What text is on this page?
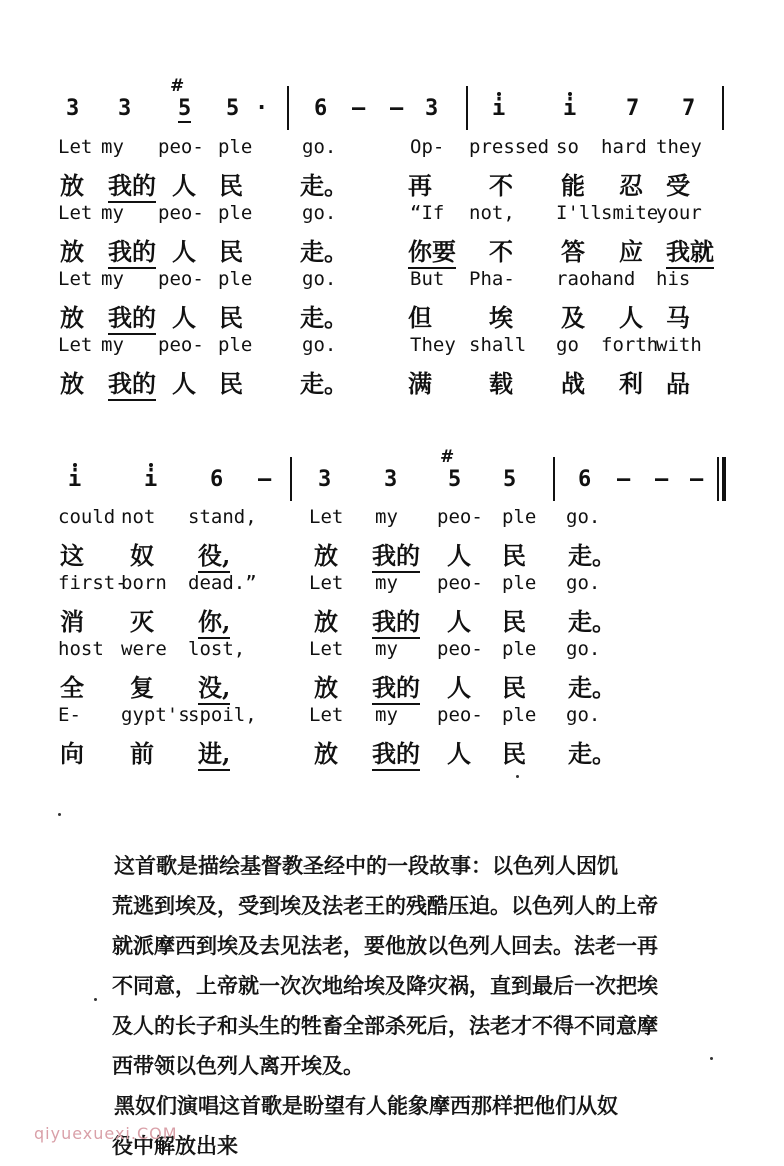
3 3 5
#
5 · 6 – – 3 i	i 7 7
Let my peo- ple	go.	Op- pressed so hard they
放 我的 人 民 走。	再 不 能 忍 受
Let my peo- ple	go.	“If not, I'll smite
your
放 我的 人 民 走。	你要 不 答 应 我就
Let my peo- ple	go.	But Pha- raoh and his
放 我的 人 民 走。	但 埃 及 人 马
Let my peo- ple	go.	They shall go forth
with
放 我的 人 民 走。	满 载 战 利 品
i	i 6 – 3 3 5
#
5	6 – – –
could not stand,	Let my peo- ple go.
这 奴 役,	放 我的 人 民 走。
first-
born dead.”	Let my peo- ple go.
消 灭 你,	放 我的 人 民 走。
host were lost,	Let my peo- ple go.
全 复 没,	放 我的 人 民 走。
E- gypt's
spoil,	Let my peo- ple go.
向 前 进,	放 我的 人 民 走。
　　这首歌是描绘基督教圣经中的一段故事：以色列人因饥
荒逃到埃及，受到埃及法老王的残酷压迫。以色列人的上帝
就派摩西到埃及去见法老，要他放以色列人回去。法老一再
不同意，上帝就一次次地给埃及降灾祸，直到最后一次把埃
及人的长子和头生的牲畜全部杀死后，法老才不得不同意摩
西带领以色列人离开埃及。
　　黑奴们演唱这首歌是盼望有人能象摩西那样把他们从奴
役中解放出来
qiyuexuexi.COM
